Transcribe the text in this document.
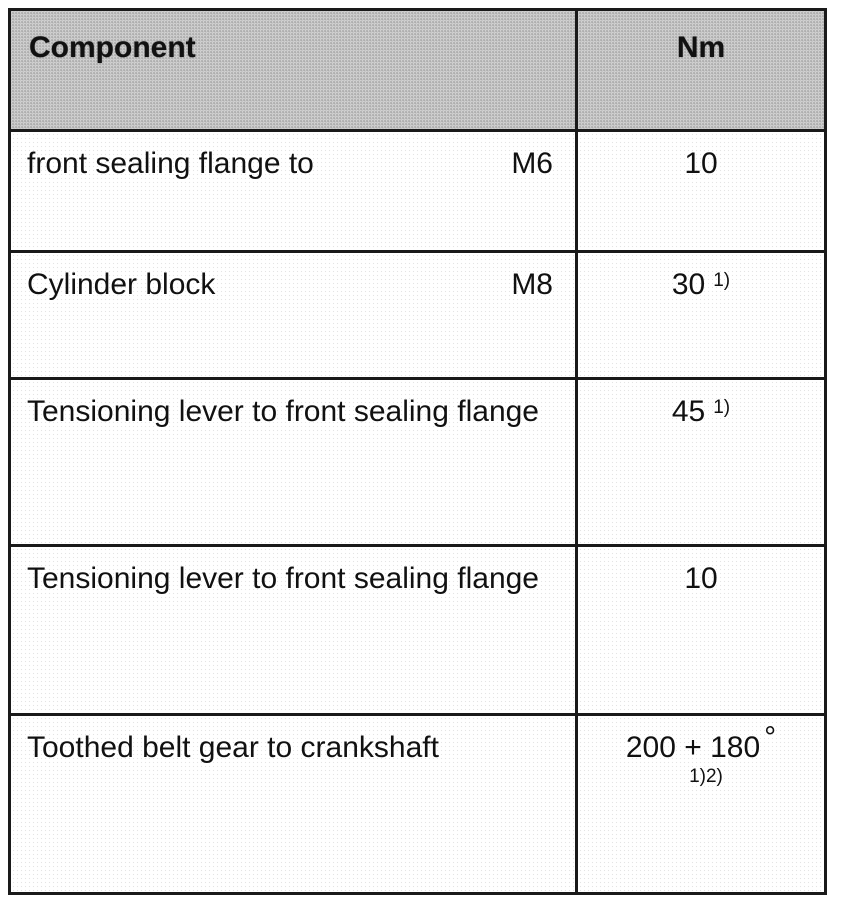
Component	Nm

front sealing flange to M6	10

Cylinder block M8	30 $^{1)}$

Tensioning lever to front sealing flange	45 $^{1)}$

Tensioning lever to front sealing flange	10

Toothed belt gear to crankshaft	200 + 180 °
1)2)
